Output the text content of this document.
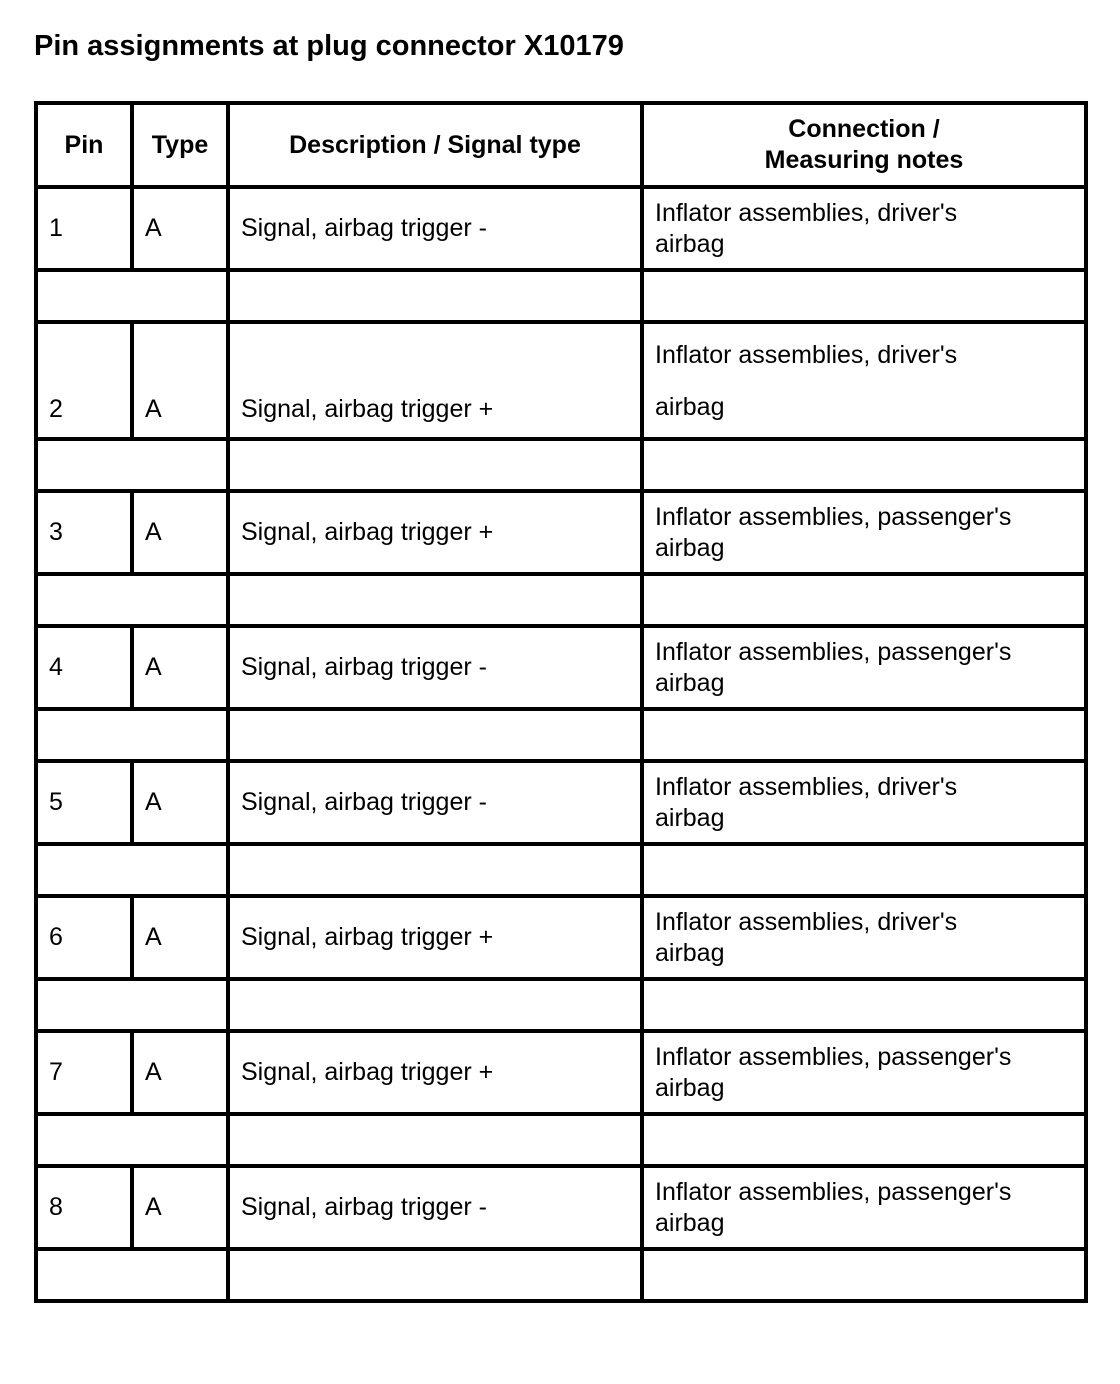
Pin assignments at plug connector X10179
Pin	Type	Description / Signal type	Connection /
Measuring notes
1	A	Signal, airbag trigger -	Inflator assemblies, driver's
airbag

2	A	Signal, airbag trigger +	Inflator assemblies, driver's
airbag

3	A	Signal, airbag trigger +	Inflator assemblies, passenger's
airbag

4	A	Signal, airbag trigger -	Inflator assemblies, passenger's
airbag

5	A	Signal, airbag trigger -	Inflator assemblies, driver's
airbag

6	A	Signal, airbag trigger +	Inflator assemblies, driver's
airbag

7	A	Signal, airbag trigger +	Inflator assemblies, passenger's
airbag

8	A	Signal, airbag trigger -	Inflator assemblies, passenger's
airbag
